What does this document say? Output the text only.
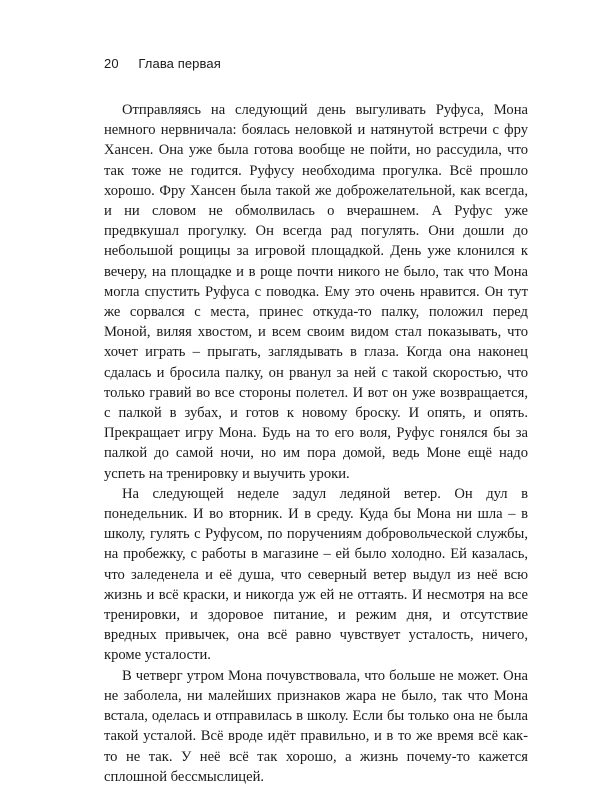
20 Глава первая

Отправляясь на следующий день выгуливать Руфуса, Мона немного нервничала: боялась неловкой и натянутой встречи с фру Хансен. Она уже была готова вообще не пойти, но рассудила, что так тоже не годится. Руфусу необходима прогулка. Всё прошло хорошо. Фру Хансен была такой же доброжелательной, как всегда, и ни словом не обмолвилась о вчерашнем. А Руфус уже предвкушал прогулку. Он всегда рад погулять. Они дошли до небольшой рощицы за игровой площадкой. День уже клонился к вечеру, на площадке и в роще почти никого не было, так что Мона могла спустить Руфуса с поводка. Ему это очень нравится. Он тут же сорвался с места, принес откуда-то палку, положил перед Моной, виляя хвостом, и всем своим видом стал показывать, что хочет играть – прыгать, заглядывать в глаза. Когда она наконец сдалась и бросила палку, он рванул за ней с такой скоростью, что только гравий во все стороны полетел. И вот он уже возвращается, с палкой в зубах, и готов к новому броску. И опять, и опять. Прекращает игру Мона. Будь на то его воля, Руфус гонялся бы за палкой до самой ночи, но им пора домой, ведь Моне ещё надо успеть на тренировку и выучить уроки.

На следующей неделе задул ледяной ветер. Он дул в понедельник. И во вторник. И в среду. Куда бы Мона ни шла – в школу, гулять с Руфусом, по поручениям добровольческой службы, на пробежку, с работы в магазине – ей было холодно. Ей казалась, что заледенела и её душа, что северный ветер выдул из неё всю жизнь и всё краски, и никогда уж ей не оттаять. И несмотря на все тренировки, и здоровое питание, и режим дня, и отсутствие вредных привычек, она всё равно чувствует усталость, ничего, кроме усталости.

В четверг утром Мона почувствовала, что больше не может. Она не заболела, ни малейших признаков жара не было, так что Мона встала, оделась и отправилась в школу. Если бы только она не была такой усталой. Всё вроде идёт правильно, и в то же время всё как-то не так. У неё всё так хорошо, а жизнь почему-то кажется сплошной бессмыслицей.
